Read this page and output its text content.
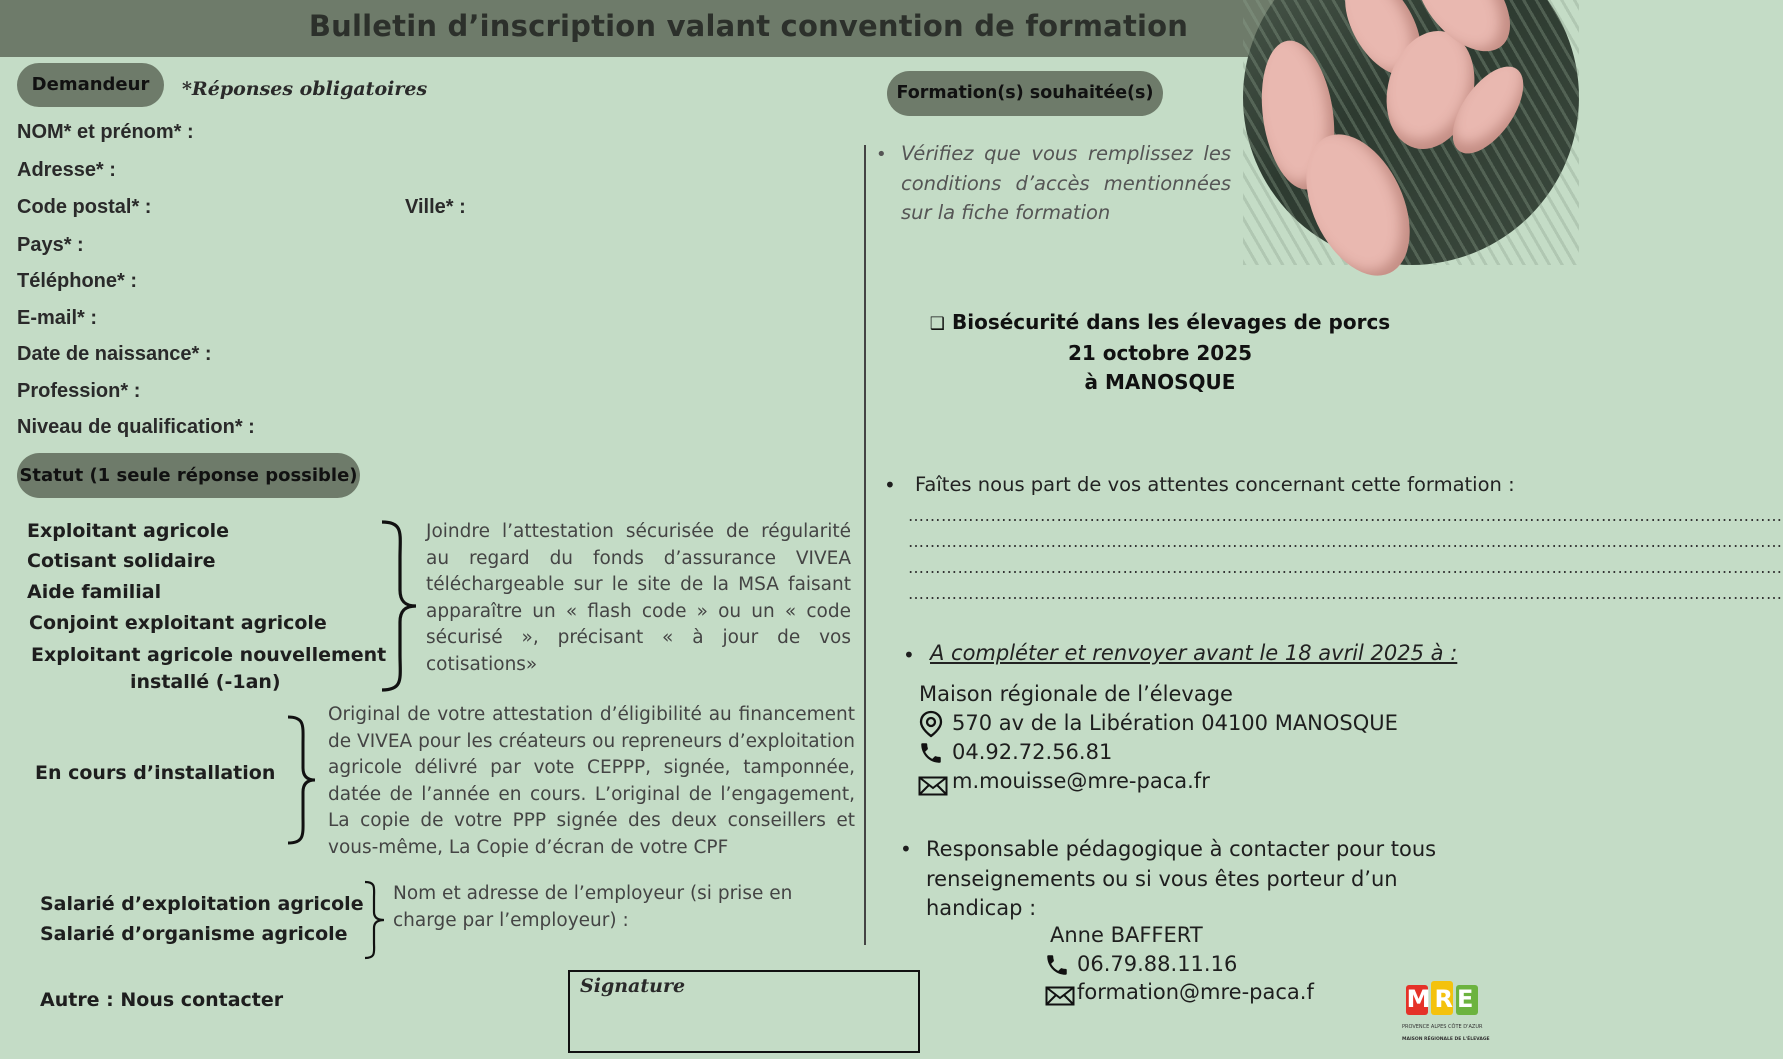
Bulletin d’inscription valant convention de formation
Demandeur	*Réponses obligatoires
NOM* et prénom* :
Adresse* :
Code postal* :	Ville* :
Pays* :
Téléphone* :
E-mail* :
Date de naissance* :
Profession* :
Niveau de qualification* :
Statut (1 seule réponse possible)
Exploitant agricole
Cotisant solidaire
Aide familial
Conjoint exploitant agricole
Exploitant agricole nouvellement
installé (-1an)
Joindre l’attestation sécurisée de régularité au regard du fonds d’assurance VIVEA téléchargeable sur le site de la MSA faisant apparaître un « flash code » ou un « code sécurisé », précisant « à jour de vos cotisations»
En cours d’installation
Original de votre attestation d’éligibilité au financement de VIVEA pour les créateurs ou repreneurs d’exploitation agricole délivré par vote CEPPP, signée, tamponnée, datée de l’année en cours. L’original de l’engagement, La copie de votre PPP signée des deux conseillers et vous-même, La Copie d’écran de votre CPF
Salarié d’exploitation agricole
Salarié d’organisme agricole
Nom et adresse de l’employeur (si prise en
charge par l’employeur) :
Autre : Nous contacter
Signature
Formation(s) souhaitée(s)
• Vérifiez que vous remplissez les
conditions d’accès mentionnées
sur la fiche formation
❑ Biosécurité dans les élevages de porcs
21 octobre 2025
à MANOSQUE
• Faîtes nous part de vos attentes concernant cette formation :
……………………………………………………………………………………………………………………………………………
……………………………………………………………………………………………………………………………………………
……………………………………………………………………………………………………………………………………………
……………………………………………………………………………………………………………………………………………
• A compléter et renvoyer avant le 18 avril 2025 à :
Maison régionale de l’élevage
570 av de la Libération 04100 MANOSQUE
04.92.72.56.81
m.mouisse@mre-paca.fr
• Responsable pédagogique à contacter pour tous
renseignements ou si vous êtes porteur d’un
handicap :
Anne BAFFERT
06.79.88.11.16
formation@mre-paca.f	MRE
PROVENCE ALPES CÔTE D'AZUR
MAISON RÉGIONALE DE L'ÉLEVAGE
